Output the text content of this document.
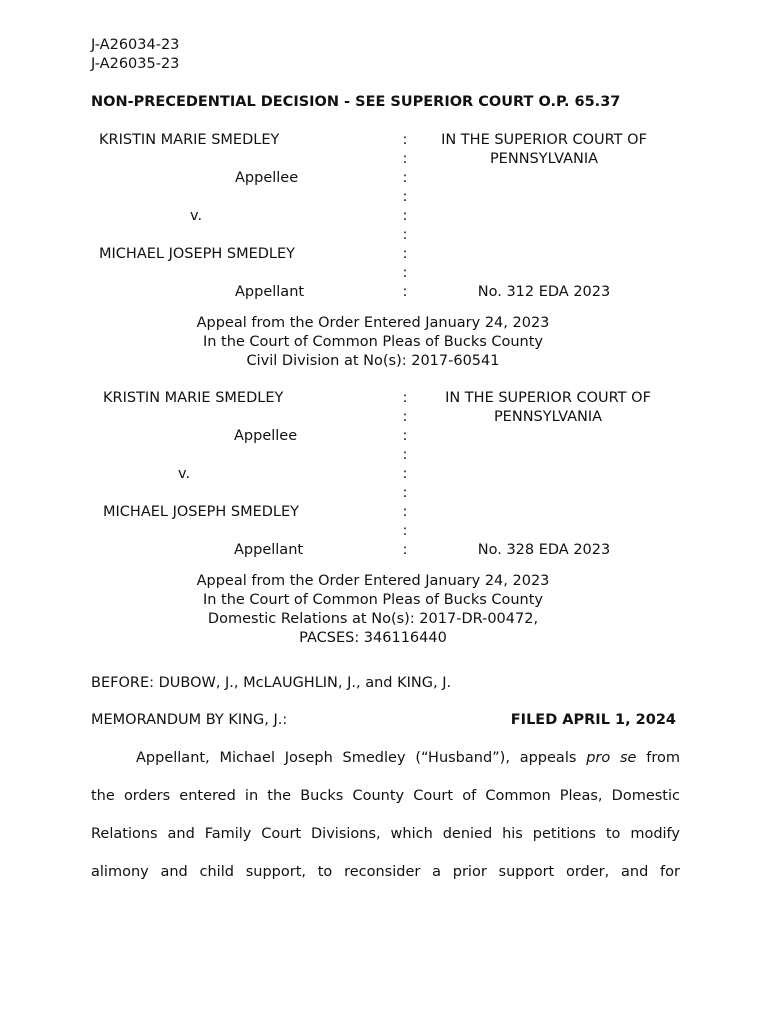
J-A26034-23
J-A26035-23
NON-PRECEDENTIAL DECISION - SEE SUPERIOR COURT O.P. 65.37
KRISTIN MARIE SMEDLEY
Appellee
v.
MICHAEL JOSEPH SMEDLEY
Appellant
:
:
:
:
:
:
:
:
:
IN THE SUPERIOR COURT OF
PENNSYLVANIA
No. 312 EDA 2023
Appeal from the Order Entered January 24, 2023
In the Court of Common Pleas of Bucks County
Civil Division at No(s): 2017-60541
KRISTIN MARIE SMEDLEY
Appellee
v.
MICHAEL JOSEPH SMEDLEY
Appellant
:
:
:
:
:
:
:
:
:
IN THE SUPERIOR COURT OF
PENNSYLVANIA
No. 328 EDA 2023
Appeal from the Order Entered January 24, 2023
In the Court of Common Pleas of Bucks County
Domestic Relations at No(s): 2017-DR-00472,
PACSES: 346116440
BEFORE: DUBOW, J., McLAUGHLIN, J., and KING, J.
MEMORANDUM BY KING, J.:	FILED APRIL 1, 2024
Appellant, Michael Joseph Smedley (“Husband”), appeals pro se from
the orders entered in the Bucks County Court of Common Pleas, Domestic
Relations and Family Court Divisions, which denied his petitions to modify
alimony and child support, to reconsider a prior support order, and for
